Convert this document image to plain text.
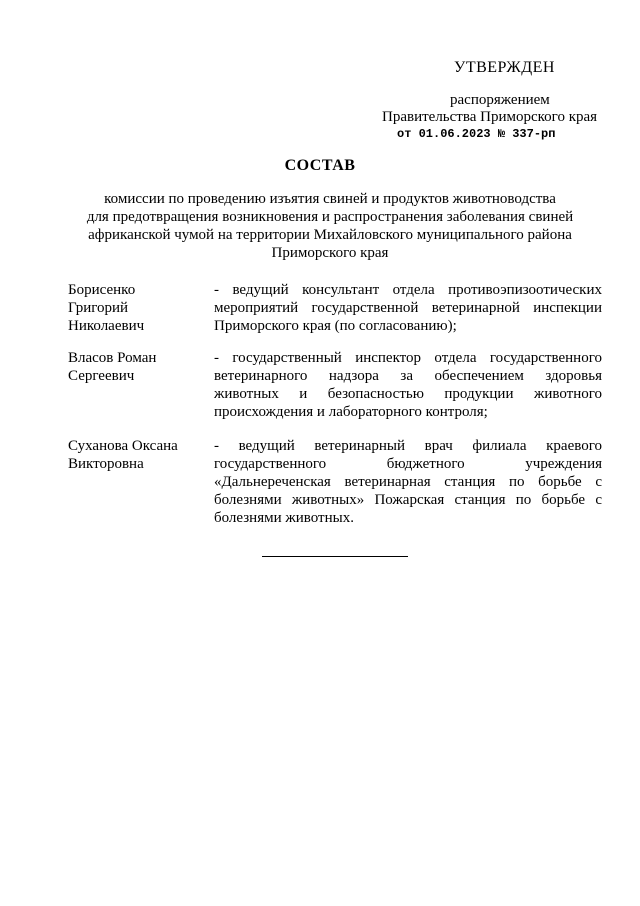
УТВЕРЖДЕН
распоряжением
Правительства Приморского края
от 01.06.2023 № 337-рп
СОСТАВ
комиссии по проведению изъятия свиней и продуктов животноводства
для предотвращения возникновения и распространения заболевания свиней
африканской чумой на территории Михайловского муниципального района
Приморского края
Борисенко
Григорий
Николаевич
- ведущий консультант отдела противоэпизоотических
мероприятий государственной ветеринарной инспекции
Приморского края (по согласованию);
Власов Роман
Сергеевич
- государственный инспектор отдела государственного
ветеринарного надзора за обеспечением здоровья
животных и безопасностью продукции животного
происхождения и лабораторного контроля;
Суханова Оксана
Викторовна
- ведущий ветеринарный врач филиала краевого
государственного бюджетного учреждения
«Дальнереченская ветеринарная станция по борьбе с
болезнями животных» Пожарская станция по борьбе с
болезнями животных.
